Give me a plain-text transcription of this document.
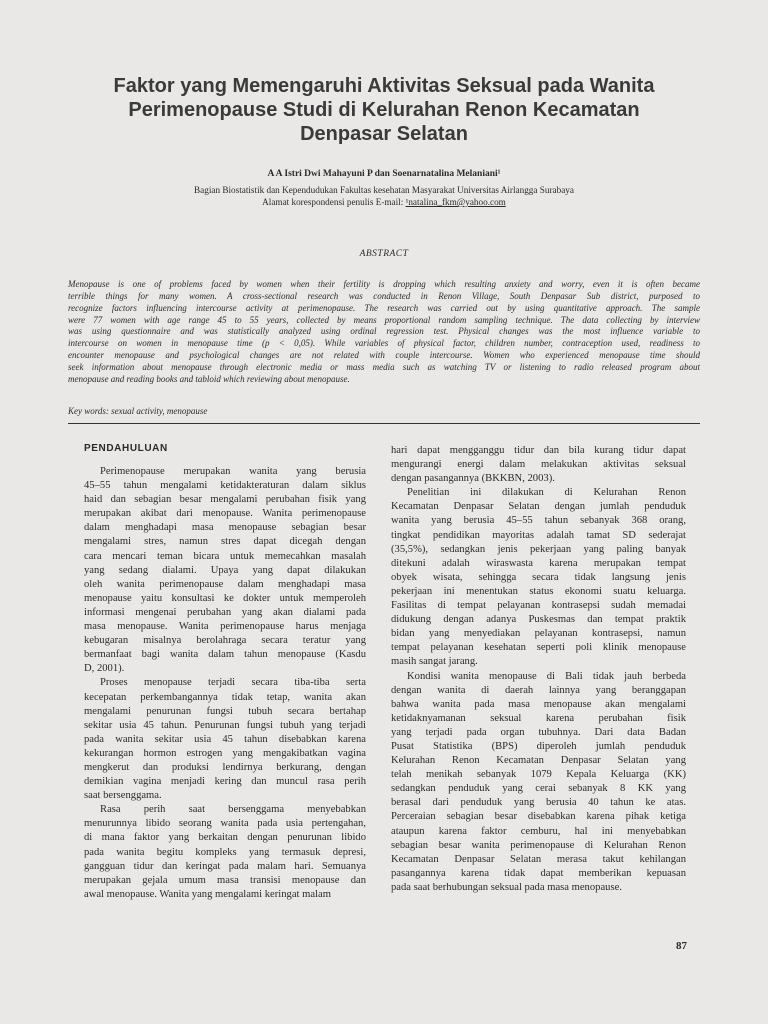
Faktor yang Memengaruhi Aktivitas Seksual pada Wanita
Perimenopause Studi di Kelurahan Renon Kecamatan
Denpasar Selatan
A A Istri Dwi Mahayuni P dan Soenarnatalina Melaniani¹
Bagian Biostatistik dan Kependudukan Fakultas kesehatan Masyarakat Universitas Airlangga Surabaya
Alamat korespondensi penulis E-mail: ¹natalina_fkm@yahoo.com
ABSTRACT
Menopause is one of problems faced by women when their fertility is dropping which resulting anxiety and worry, even it is often became
terrible things for many women. A cross-sectional research was conducted in Renon Village, South Denpasar Sub district, purposed to
recognize factors influencing intercourse activity at perimenopause. The research was carried out by using quantitative approach. The sample
were 77 women with age range 45 to 55 years, collected by means proportional random sampling technique. The data collecting by interview
was using questionnaire and was statistically analyzed using ordinal regression test. Physical changes was the most influence variable to
intercourse on women in menopause time (p < 0,05). While variables of physical factor, children number, contraception used, readiness to
encounter menopause and psychological changes are not related with couple intercourse. Women who experienced menopause time should
seek information about menopause through electronic media or mass media such as watching TV or listening to radio released program about
menopause and reading books and tabloid which reviewing about menopause.
Key words: sexual activity, menopause
PENDAHULUAN
Perimenopause merupakan wanita yang berusia
45–55 tahun mengalami ketidakteraturan dalam siklus
haid dan sebagian besar mengalami perubahan fisik yang
merupakan akibat dari menopause. Wanita perimenopause
dalam menghadapi masa menopause sebagian besar
mengalami stres, namun stres dapat dicegah dengan
cara mencari teman bicara untuk memecahkan masalah
yang sedang dialami. Upaya yang dapat dilakukan
oleh wanita perimenopause dalam menghadapi masa
menopause yaitu konsultasi ke dokter untuk memperoleh
informasi mengenai perubahan yang akan dialami pada
masa menopause. Wanita perimenopause harus menjaga
kebugaran misalnya berolahraga secara teratur yang
bermanfaat bagi wanita dalam tahun menopause (Kasdu
D, 2001).
Proses menopause terjadi secara tiba-tiba serta
kecepatan perkembangannya tidak tetap, wanita akan
mengalami penurunan fungsi tubuh secara bertahap
sekitar usia 45 tahun. Penurunan fungsi tubuh yang terjadi
pada wanita sekitar usia 45 tahun disebabkan karena
kekurangan hormon estrogen yang mengakibatkan vagina
mengkerut dan produksi lendirnya berkurang, dengan
demikian vagina menjadi kering dan muncul rasa perih
saat bersenggama.
Rasa perih saat bersenggama menyebabkan
menurunnya libido seorang wanita pada usia pertengahan,
di mana faktor yang berkaitan dengan penurunan libido
pada wanita begitu kompleks yang termasuk depresi,
gangguan tidur dan keringat pada malam hari. Semuanya
merupakan gejala umum masa transisi menopause dan
awal menopause. Wanita yang mengalami keringat malam
hari dapat mengganggu tidur dan bila kurang tidur dapat
mengurangi energi dalam melakukan aktivitas seksual
dengan pasangannya (BKKBN, 2003).
Penelitian ini dilakukan di Kelurahan Renon
Kecamatan Denpasar Selatan dengan jumlah penduduk
wanita yang berusia 45–55 tahun sebanyak 368 orang,
tingkat pendidikan mayoritas adalah tamat SD sederajat
(35,5%), sedangkan jenis pekerjaan yang paling banyak
ditekuni adalah wiraswasta karena merupakan tempat
obyek wisata, sehingga secara tidak langsung jenis
pekerjaan ini menentukan status ekonomi suatu keluarga.
Fasilitas di tempat pelayanan kontrasepsi sudah memadai
didukung dengan adanya Puskesmas dan tempat praktik
bidan yang menyediakan pelayanan kontrasepsi, namun
tempat pelayanan kesehatan seperti poli klinik menopause
masih sangat jarang.
Kondisi wanita menopause di Bali tidak jauh berbeda
dengan wanita di daerah lainnya yang beranggapan
bahwa wanita pada masa menopause akan mengalami
ketidaknyamanan seksual karena perubahan fisik
yang terjadi pada organ tubuhnya. Dari data Badan
Pusat Statistika (BPS) diperoleh jumlah penduduk
Kelurahan Renon Kecamatan Denpasar Selatan yang
telah menikah sebanyak 1079 Kepala Keluarga (KK)
sedangkan penduduk yang cerai sebanyak 8 KK yang
berasal dari penduduk yang berusia 40 tahun ke atas.
Perceraian sebagian besar disebabkan karena pihak ketiga
ataupun karena faktor cemburu, hal ini menyebabkan
sebagian besar wanita perimenopause di Kelurahan Renon
Kecamatan Denpasar Selatan merasa takut kehilangan
pasangannya karena tidak dapat memberikan kepuasan
pada saat berhubungan seksual pada masa menopause.
87
